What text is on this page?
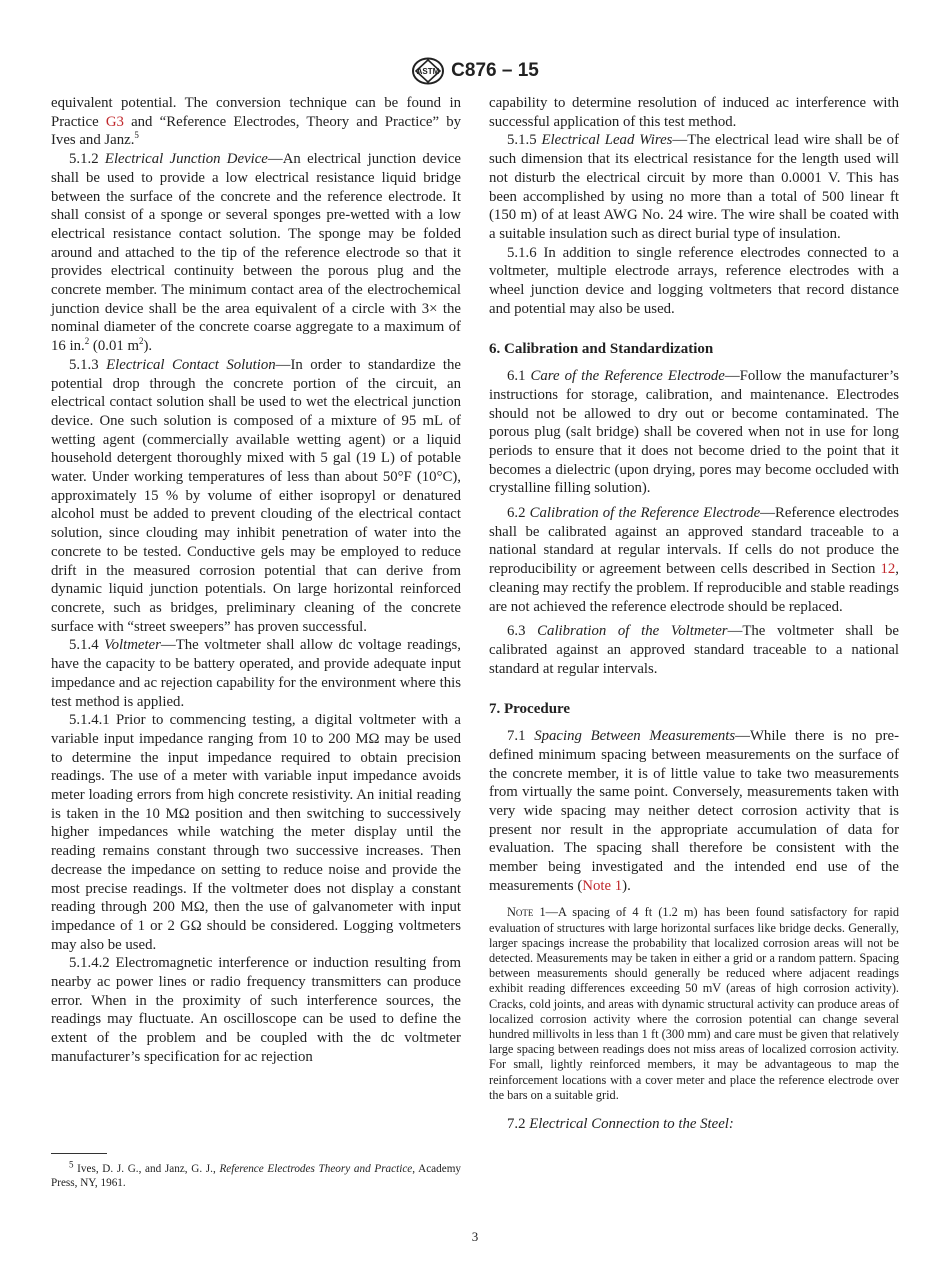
ASTM C876 – 15

equivalent potential. The conversion technique can be found in Practice G3 and “Reference Electrodes, Theory and Practice” by Ives and Janz.$^5$

5.1.2 Electrical Junction Device—An electrical junction device shall be used to provide a low electrical resistance liquid bridge between the surface of the concrete and the reference electrode. It shall consist of a sponge or several sponges pre-wetted with a low electrical resistance contact solution. The sponge may be folded around and attached to the tip of the reference electrode so that it provides electrical continuity between the porous plug and the concrete member. The minimum contact area of the electrochemical junction device shall be the area equivalent of a circle with 3× the nominal diameter of the concrete coarse aggregate to a maximum of 16 in.$^2$ (0.01 $m^2$).

5.1.3 Electrical Contact Solution—In order to standardize the potential drop through the concrete portion of the circuit, an electrical contact solution shall be used to wet the electrical junction device. One such solution is composed of a mixture of 95 mL of wetting agent (commercially available wetting agent) or a liquid household detergent thoroughly mixed with 5 gal (19 L) of potable water. Under working temperatures of less than about 50°F (10°C), approximately 15 % by volume of either isopropyl or denatured alcohol must be added to prevent clouding of the electrical contact solution, since clouding may inhibit penetration of water into the concrete to be tested. Conductive gels may be employed to reduce drift in the measured corrosion potential that can derive from dynamic liquid junction potentials. On large horizontal reinforced concrete, such as bridges, preliminary cleaning of the concrete surface with “street sweepers” has proven successful.

5.1.4 Voltmeter—The voltmeter shall allow dc voltage readings, have the capacity to be battery operated, and provide adequate input impedance and ac rejection capability for the environment where this test method is applied.

5.1.4.1 Prior to commencing testing, a digital voltmeter with a variable input impedance ranging from 10 to 200 MΩ may be used to determine the input impedance required to obtain precision readings. The use of a meter with variable input impedance avoids meter loading errors from high concrete resistivity. An initial reading is taken in the 10 MΩ position and then switching to successively higher impedances while watching the meter display until the reading remains constant through two successive increases. Then decrease the impedance on setting to reduce noise and provide the most precise readings. If the voltmeter does not display a constant reading through 200 MΩ, then the use of galvanometer with input impedance of 1 or 2 GΩ should be considered. Logging voltmeters may also be used.

5.1.4.2 Electromagnetic interference or induction resulting from nearby ac power lines or radio frequency transmitters can produce error. When in the proximity of such interference sources, the readings may fluctuate. An oscilloscope can be used to define the extent of the problem and be coupled with the dc voltmeter manufacturer’s specification for ac rejection

$^5$ Ives, D. J. G., and Janz, G. J., Reference Electrodes Theory and Practice, Academy Press, NY, 1961.

capability to determine resolution of induced ac interference with successful application of this test method.

5.1.5 Electrical Lead Wires—The electrical lead wire shall be of such dimension that its electrical resistance for the length used will not disturb the electrical circuit by more than 0.0001 V. This has been accomplished by using no more than a total of 500 linear ft (150 m) of at least AWG No. 24 wire. The wire shall be coated with a suitable insulation such as direct burial type of insulation.

5.1.6 In addition to single reference electrodes connected to a voltmeter, multiple electrode arrays, reference electrodes with a wheel junction device and logging voltmeters that record distance and potential may also be used.

6. Calibration and Standardization

6.1 Care of the Reference Electrode—Follow the manufacturer’s instructions for storage, calibration, and maintenance. Electrodes should not be allowed to dry out or become contaminated. The porous plug (salt bridge) shall be covered when not in use for long periods to ensure that it does not become dried to the point that it becomes a dielectric (upon drying, pores may become occluded with crystalline filling solution).

6.2 Calibration of the Reference Electrode—Reference electrodes shall be calibrated against an approved standard traceable to a national standard at regular intervals. If cells do not produce the reproducibility or agreement between cells described in Section 12, cleaning may rectify the problem. If reproducible and stable readings are not achieved the reference electrode should be replaced.

6.3 Calibration of the Voltmeter—The voltmeter shall be calibrated against an approved standard traceable to a national standard at regular intervals.

7. Procedure

7.1 Spacing Between Measurements—While there is no pre-defined minimum spacing between measurements on the surface of the concrete member, it is of little value to take two measurements from virtually the same point. Conversely, measurements taken with very wide spacing may neither detect corrosion activity that is present nor result in the appropriate accumulation of data for evaluation. The spacing shall therefore be consistent with the member being investigated and the intended end use of the measurements (Note 1).

Note 1—A spacing of 4 ft (1.2 m) has been found satisfactory for rapid evaluation of structures with large horizontal surfaces like bridge decks. Generally, larger spacings increase the probability that localized corrosion areas will not be detected. Measurements may be taken in either a grid or a random pattern. Spacing between measurements should generally be reduced where adjacent readings exhibit reading differences exceeding 50 mV (areas of high corrosion activity). Cracks, cold joints, and areas with dynamic structural activity can produce areas of localized corrosion activity where the corrosion potential can change several hundred millivolts in less than 1 ft (300 mm) and care must be given that relatively large spacing between readings does not miss areas of localized corrosion activity. For small, lightly reinforced members, it may be advantageous to map the reinforcement locations with a cover meter and place the reference electrode over the bars on a suitable grid.

7.2 Electrical Connection to the Steel:

3
